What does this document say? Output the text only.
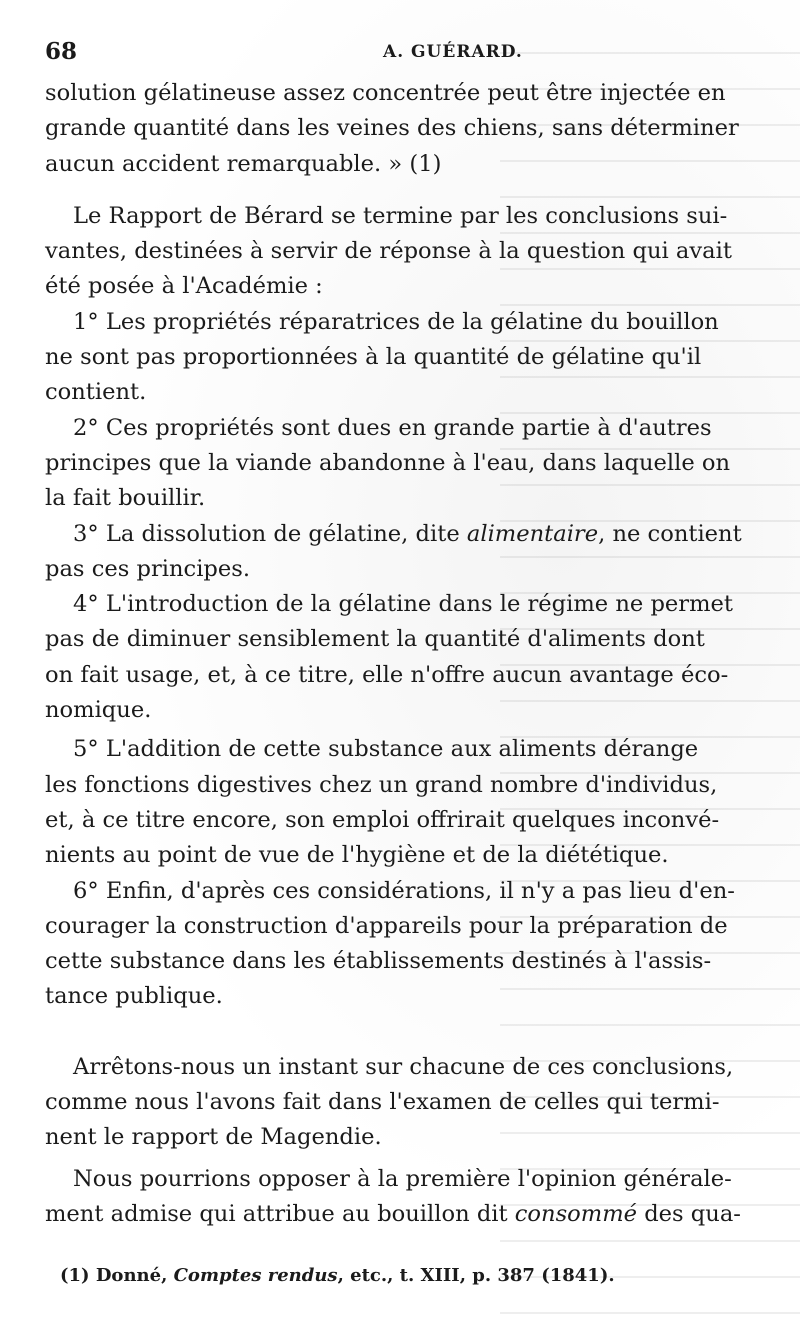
68	A. GUÉRARD.

solution gélatineuse assez concentrée peut être injectée en
grande quantité dans les veines des chiens, sans déterminer
aucun accident remarquable. » (1)

Le Rapport de Bérard se termine par les conclusions sui-
vantes, destinées à servir de réponse à la question qui avait
été posée à l'Académie :

1° Les propriétés réparatrices de la gélatine du bouillon
ne sont pas proportionnées à la quantité de gélatine qu'il
contient.

2° Ces propriétés sont dues en grande partie à d'autres
principes que la viande abandonne à l'eau, dans laquelle on
la fait bouillir.

3° La dissolution de gélatine, dite alimentaire, ne contient
pas ces principes.

4° L'introduction de la gélatine dans le régime ne permet
pas de diminuer sensiblement la quantité d'aliments dont
on fait usage, et, à ce titre, elle n'offre aucun avantage éco-
nomique.

5° L'addition de cette substance aux aliments dérange
les fonctions digestives chez un grand nombre d'individus,
et, à ce titre encore, son emploi offrirait quelques inconvé-
nients au point de vue de l'hygiène et de la diététique.

6° Enfin, d'après ces considérations, il n'y a pas lieu d'en-
courager la construction d'appareils pour la préparation de
cette substance dans les établissements destinés à l'assis-
tance publique.

Arrêtons-nous un instant sur chacune de ces conclusions,
comme nous l'avons fait dans l'examen de celles qui termi-
nent le rapport de Magendie.

Nous pourrions opposer à la première l'opinion générale-
ment admise qui attribue au bouillon dit consommé des qua-

(1) Donné, Comptes rendus, etc., t. XIII, p. 387 (1841).
